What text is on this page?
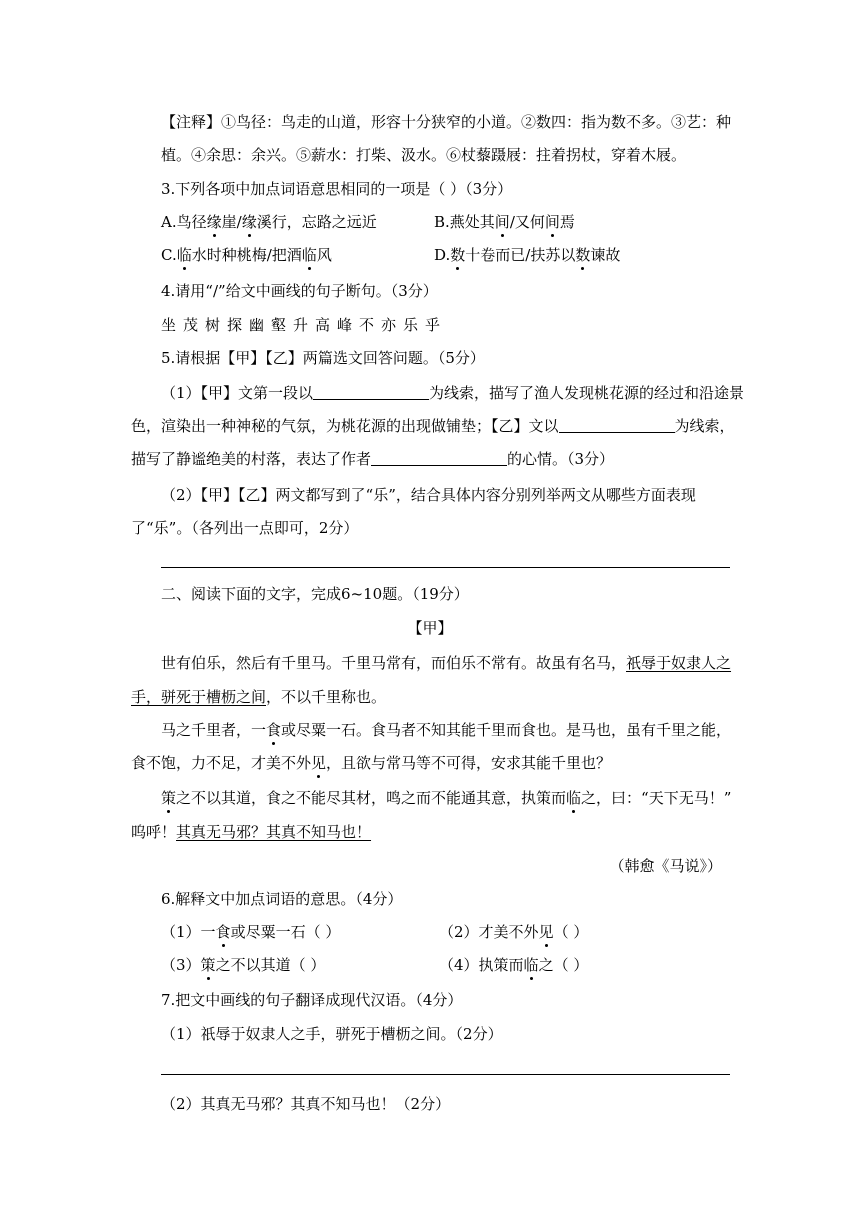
【注释】①鸟径：鸟走的山道，形容十分狭窄的小道。②数四：指为数不多。③艺：种
植。④余思：余兴。⑤薪水：打柴、汲水。⑥杖藜蹑屐：拄着拐杖，穿着木屐。
3.下列各项中加点词语意思相同的一项是（ ）（3分）
A.鸟径缘崖/缘溪行，忘路之远近	B.燕处其间/又何间焉
C.临水时种桃梅/把酒临风	D.数十卷而已/扶苏以数谏故
4.请用“/”给文中画线的句子断句。（3分）
坐茂树探幽壑升高峰不亦乐乎
5.请根据【甲】【乙】两篇选文回答问题。（5分）
（1）【甲】文第一段以	为线索，描写了渔人发现桃花源的经过和沿途景
色，渲染出一种神秘的气氛，为桃花源的出现做铺垫；【乙】文以	为线索，
描写了静谧绝美的村落，表达了作者	的心情。（3分）
（2）【甲】【乙】两文都写到了“乐”，结合具体内容分别列举两文从哪些方面表现
了“乐”。（各列出一点即可，2分）
二、阅读下面的文字，完成6~10题。（19分）
【甲】
世有伯乐，然后有千里马。千里马常有，而伯乐不常有。故虽有名马，祇辱于奴隶人之
手，骈死于槽枥之间，不以千里称也。
马之千里者，一食或尽粟一石。食马者不知其能千里而食也。是马也，虽有千里之能，
食不饱，力不足，才美不外见，且欲与常马等不可得，安求其能千里也？
策之不以其道，食之不能尽其材，鸣之而不能通其意，执策而临之，曰：“天下无马！”
呜呼！其真无马邪？其真不知马也！
（韩愈《马说》）
6.解释文中加点词语的意思。（4分）
（1）一食或尽粟一石（ ）	（2）才美不外见（ ）
（3）策之不以其道（ ）	（4）执策而临之（ ）
7.把文中画线的句子翻译成现代汉语。（4分）
（1）祇辱于奴隶人之手，骈死于槽枥之间。（2分）
（2）其真无马邪？其真不知马也！（2分）
